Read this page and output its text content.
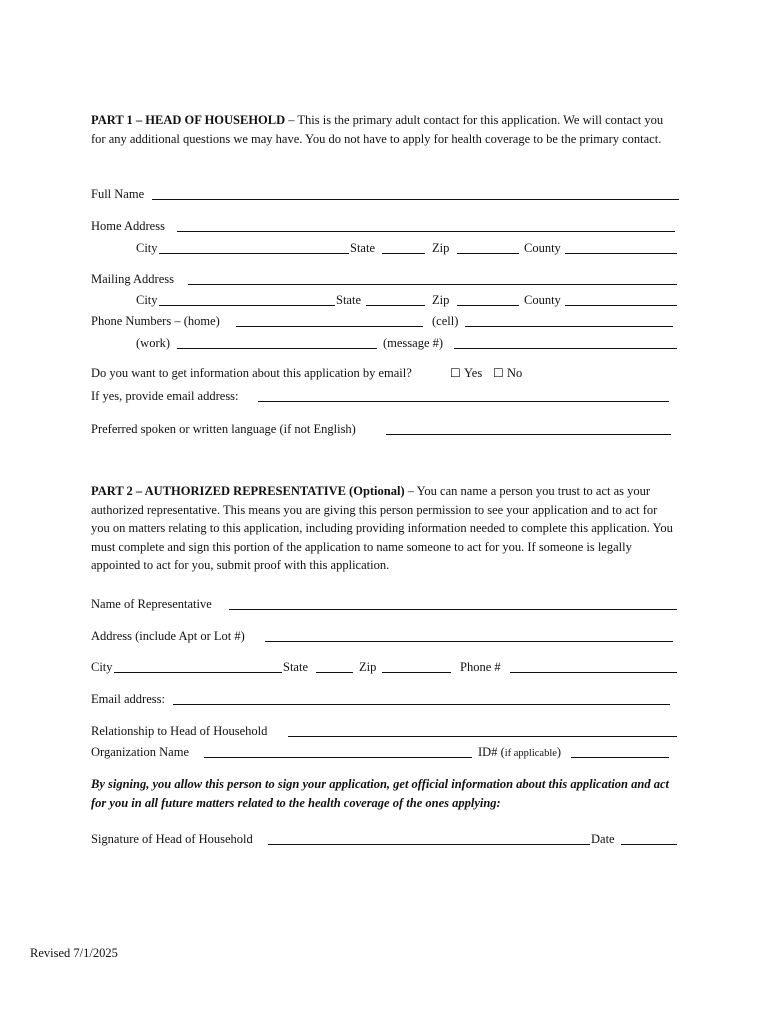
PART 1 – HEAD OF HOUSEHOLD – This is the primary adult contact for this application. We will contact you for any additional questions we may have. You do not have to apply for health coverage to be the primary contact.
Full Name
Home Address
City	State	Zip	County
Mailing Address
City	State	Zip	County
Phone Numbers – (home)	(cell)
(work)	(message #)
Do you want to get information about this application by email?	☐ Yes ☐ No
If yes, provide email address:
Preferred spoken or written language (if not English)
PART 2 – AUTHORIZED REPRESENTATIVE (Optional) – You can name a person you trust to act as your authorized representative. This means you are giving this person permission to see your application and to act for you on matters relating to this application, including providing information needed to complete this application. You must complete and sign this portion of the application to name someone to act for you. If someone is legally appointed to act for you, submit proof with this application.
Name of Representative
Address (include Apt or Lot #)
City	State	Zip	Phone #
Email address:
Relationship to Head of Household
Organization Name	ID# (if applicable)
By signing, you allow this person to sign your application, get official information about this application and act for you in all future matters related to the health coverage of the ones applying:
Signature of Head of Household	Date
Revised 7/1/2025
